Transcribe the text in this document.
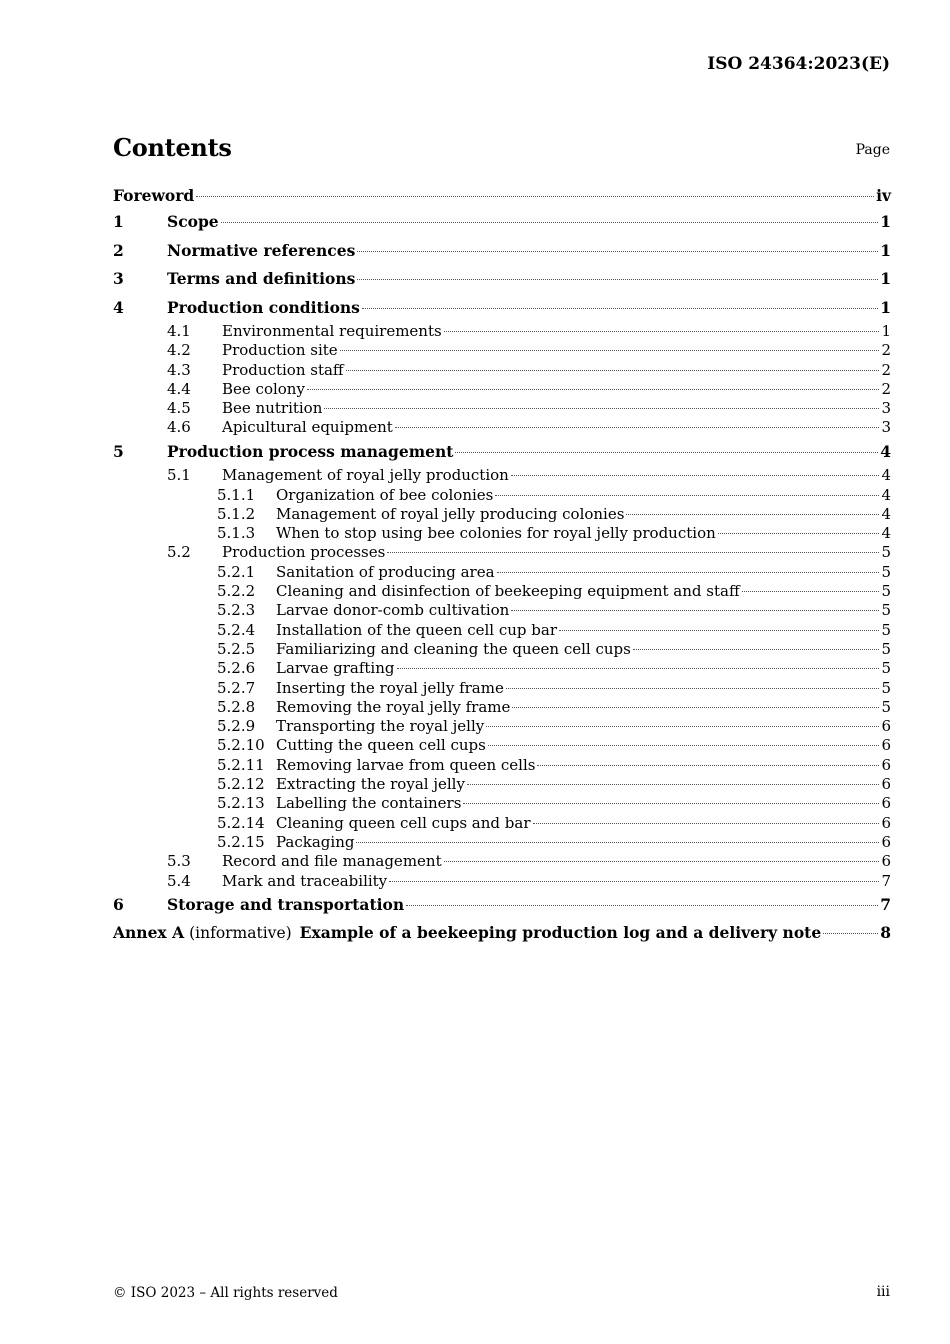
ISO 24364:2023(E)
Contents	Page
Foreword	iv
1	Scope	1
2	Normative references	1
3	Terms and definitions	1
4	Production conditions	1
4.1	Environmental requirements	1
4.2	Production site	2
4.3	Production staff	2
4.4	Bee colony	2
4.5	Bee nutrition	3
4.6	Apicultural equipment	3
5	Production process management	4
5.1	Management of royal jelly production	4
5.1.1	Organization of bee colonies	4
5.1.2	Management of royal jelly producing colonies	4
5.1.3	When to stop using bee colonies for royal jelly production	4
5.2	Production processes	5
5.2.1	Sanitation of producing area	5
5.2.2	Cleaning and disinfection of beekeeping equipment and staff	5
5.2.3	Larvae donor-comb cultivation	5
5.2.4	Installation of the queen cell cup bar	5
5.2.5	Familiarizing and cleaning the queen cell cups	5
5.2.6	Larvae grafting	5
5.2.7	Inserting the royal jelly frame	5
5.2.8	Removing the royal jelly frame	5
5.2.9	Transporting the royal jelly	6
5.2.10 Cutting the queen cell cups	6
5.2.11 Removing larvae from queen cells	6
5.2.12 Extracting the royal jelly	6
5.2.13 Labelling the containers	6
5.2.14 Cleaning queen cell cups and bar	6
5.2.15 Packaging	6
5.3	Record and file management	6
5.4	Mark and traceability	7
6	Storage and transportation	7
Annex A (informative) Example of a beekeeping production log and a delivery note	8
© ISO 2023 – All rights reserved	iii
